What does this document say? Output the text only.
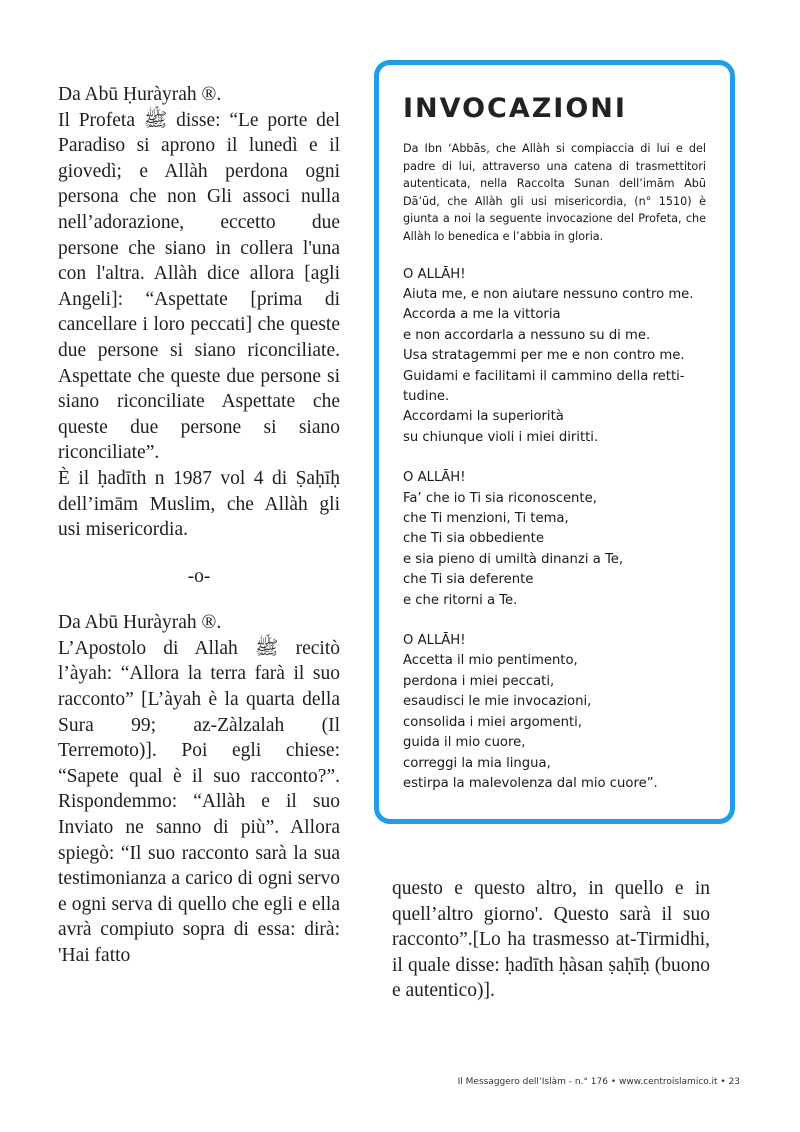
Da Abū Ḥuràyrah ®.

Il Profeta ﷺ disse: “Le porte del Paradiso si aprono il lunedì e il giovedì; e Allàh perdona ogni persona che non Gli associ nulla nell’adorazione, eccetto due persone che siano in collera l'una con l'altra. Allàh dice allora [agli Angeli]: “Aspettate [prima di cancellare i loro peccati] che queste due persone si siano riconciliate. Aspettate che queste due persone si siano riconciliate Aspettate che queste due persone si siano riconciliate”.

È il ḥadīth n 1987 vol 4 di Ṣaḥīḥ dell’imām Muslim, che Allàh gli usi misericordia.

-o-

Da Abū Huràyrah ®.

L’Apostolo di Allah ﷺ recitò l’àyah: “Allora la terra farà il suo racconto” [L’àyah è la quarta della Sura 99; az-Zàlzalah (Il Terremoto)]. Poi egli chiese: “Sapete qual è il suo racconto?”. Rispondemmo: “Allàh e il suo Inviato ne sanno di più”. Allora spiegò: “Il suo racconto sarà la sua testimonianza a carico di ogni servo e ogni serva di quello che egli e ella avrà compiuto sopra di essa: dirà: 'Hai fatto

INVOCAZIONI

Da Ibn ‘Abbās, che Allàh si compiaccia di lui e del padre di lui, attraverso una catena di trasmettitori autenticata, nella Raccolta Sunan dell’imām Abū Dā’ūd, che Allàh gli usi misericordia, (n° 1510) è giunta a noi la seguente invocazione del Profeta, che Allàh lo benedica e l’abbia in gloria.

O ALLĀH!
Aiuta me, e non aiutare nessuno contro me.
Accorda a me la vittoria
e non accordarla a nessuno su di me.
Usa stratagemmi per me e non contro me.
Guidami e facilitami il cammino della retti-
tudine.
Accordami la superiorità
su chiunque violi i miei diritti.
O ALLĀH!
Fa’ che io Ti sia riconoscente,
che Ti menzioni, Ti tema,
che Ti sia obbediente
e sia pieno di umiltà dinanzi a Te,
che Ti sia deferente
e che ritorni a Te.
O ALLĀH!
Accetta il mio pentimento,
perdona i miei peccati,
esaudisci le mie invocazioni,
consolida i miei argomenti,
guida il mio cuore,
correggi la mia lingua,
estirpa la malevolenza dal mio cuore”.

questo e questo altro, in quello e in quell’altro giorno'. Questo sarà il suo racconto”.[Lo ha trasmesso at-Tirmidhi, il quale disse: ḥadīth ḥàsan ṣaḥīḥ (buono e autentico)].

Il Messaggero dell’Islàm - n.° 176 • www.centroislamico.it • 23
